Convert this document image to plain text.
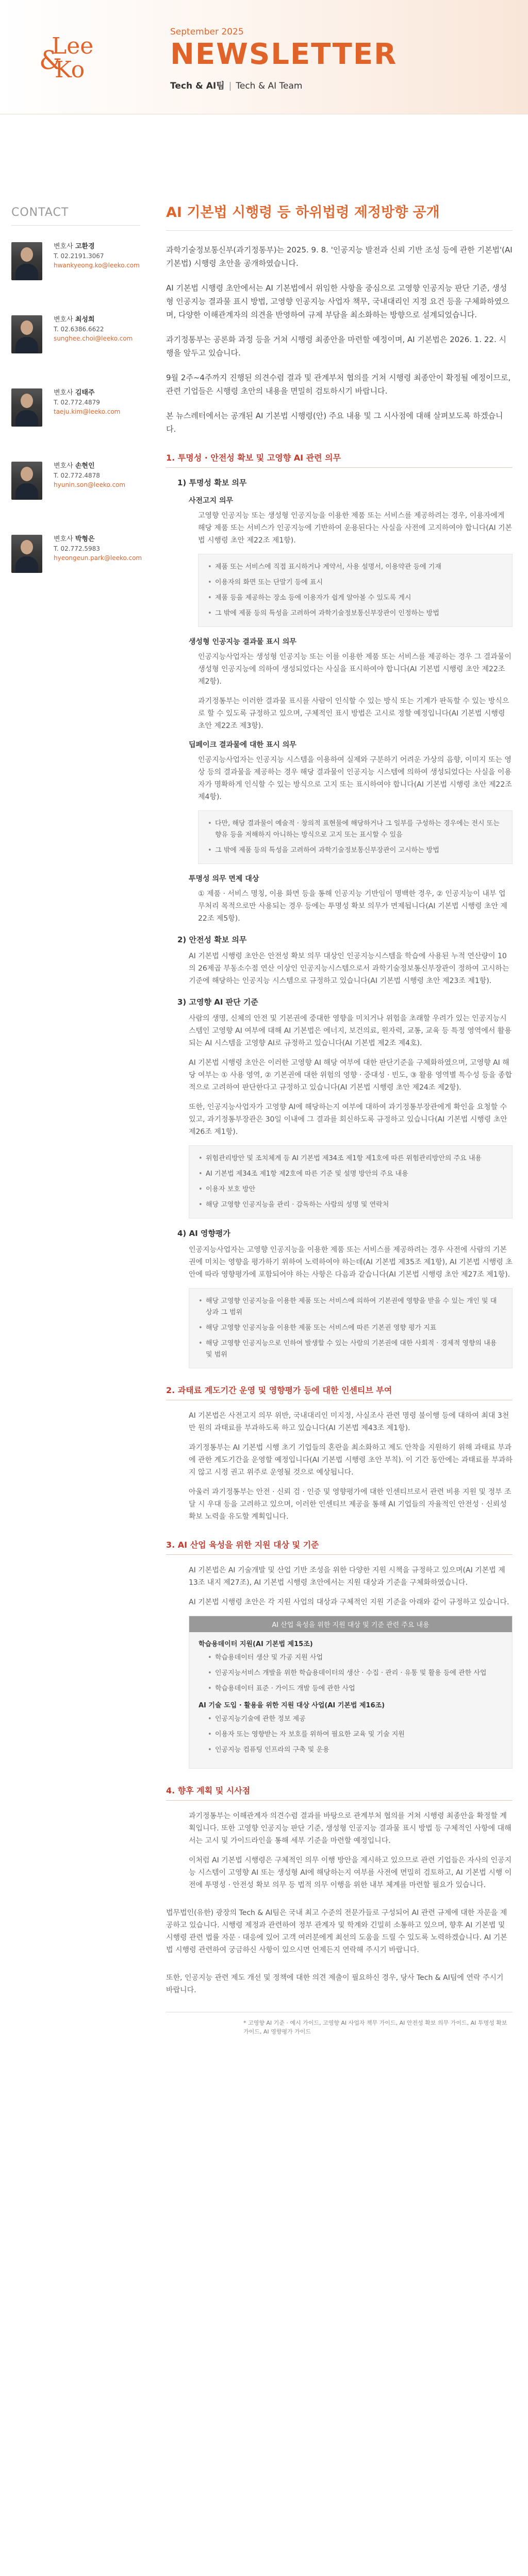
Lee
&
Ko
September 2025
NEWSLETTER
Tech & AI팀 | Tech & AI Team
CONTACT
변호사 고환경
T. 02.2191.3067
hwankyeong.ko@leeko.com
변호사 최성희
T. 02.6386.6622
sunghee.choi@leeko.com
변호사 김태주
T. 02.772.4879
taeju.kim@leeko.com
변호사 손현인
T. 02.772.4878
hyunin.son@leeko.com
변호사 박형은
T. 02.772.5983
hyeongeun.park@leeko.com
AI 기본법 시행령 등 하위법령 제정방향 공개

과학기술정보통신부(과기정통부)는 2025. 9. 8. '인공지능 발전과 신뢰 기반 조성 등에 관한 기본법'(AI 기본법) 시행령 초안을 공개하였습니다.

AI 기본법 시행령 초안에서는 AI 기본법에서 위임한 사항을 중심으로 고영향 인공지능 판단 기준, 생성형 인공지능 결과물 표시 방법, 고영향 인공지능 사업자 책무, 국내대리인 지정 요건 등을 구체화하였으며, 다양한 이해관계자의 의견을 반영하여 규제 부담을 최소화하는 방향으로 설계되었습니다.

과기정통부는 공론화 과정 등을 거쳐 시행령 최종안을 마련할 예정이며, AI 기본법은 2026. 1. 22. 시행을 앞두고 있습니다.

9월 2주~4주까지 진행된 의견수렴 결과 및 관계부처 협의를 거쳐 시행령 최종안이 확정될 예정이므로, 관련 기업들은 시행령 초안의 내용을 면밀히 검토하시기 바랍니다.

본 뉴스레터에서는 공개된 AI 기본법 시행령(안) 주요 내용 및 그 시사점에 대해 살펴보도록 하겠습니다.

1. 투명성 · 안전성 확보 및 고영향 AI 관련 의무
1) 투명성 확보 의무
사전고지 의무
고영향 인공지능 또는 생성형 인공지능을 이용한 제품 또는 서비스를 제공하려는 경우, 이용자에게 해당 제품 또는 서비스가 인공지능에 기반하여 운용된다는 사실을 사전에 고지하여야 합니다(AI 기본법 시행령 초안 제22조 제1항).
• 제품 또는 서비스에 직접 표시하거나 계약서, 사용 설명서, 이용약관 등에 기재
• 이용자의 화면 또는 단말기 등에 표시
• 제품 등을 제공하는 장소 등에 이용자가 쉽게 알아볼 수 있도록 게시
• 그 밖에 제품 등의 특성을 고려하여 과학기술정보통신부장관이 인정하는 방법
생성형 인공지능 결과물 표시 의무
인공지능사업자는 생성형 인공지능 또는 이를 이용한 제품 또는 서비스를 제공하는 경우 그 결과물이 생성형 인공지능에 의하여 생성되었다는 사실을 표시하여야 합니다(AI 기본법 시행령 초안 제22조 제2항).
과기정통부는 이러한 결과물 표시를 사람이 인식할 수 있는 방식 또는 기계가 판독할 수 있는 방식으로 할 수 있도록 규정하고 있으며, 구체적인 표시 방법은 고시로 정할 예정입니다(AI 기본법 시행령 초안 제22조 제3항).
딥페이크 결과물에 대한 표시 의무
인공지능사업자는 인공지능 시스템을 이용하여 실제와 구분하기 어려운 가상의 음향, 이미지 또는 영상 등의 결과물을 제공하는 경우 해당 결과물이 인공지능 시스템에 의하여 생성되었다는 사실을 이용자가 명확하게 인식할 수 있는 방식으로 고지 또는 표시하여야 합니다(AI 기본법 시행령 초안 제22조 제4항).
• 다만, 해당 결과물이 예술적 · 창의적 표현물에 해당하거나 그 일부를 구성하는 경우에는 전시 또는 향유 등을 저해하지 아니하는 방식으로 고지 또는 표시할 수 있음
• 그 밖에 제품 등의 특성을 고려하여 과학기술정보통신부장관이 고시하는 방법
투명성 의무 면제 대상
① 제품 · 서비스 명칭, 이용 화면 등을 통해 인공지능 기반임이 명백한 경우, ② 인공지능이 내부 업무처리 목적으로만 사용되는 경우 등에는 투명성 확보 의무가 면제됩니다(AI 기본법 시행령 초안 제22조 제5항).
2) 안전성 확보 의무
AI 기본법 시행령 초안은 안전성 확보 의무 대상인 인공지능시스템을 학습에 사용된 누적 연산량이 10의 26제곱 부동소수점 연산 이상인 인공지능시스템으로서 과학기술정보통신부장관이 정하여 고시하는 기준에 해당하는 인공지능 시스템으로 규정하고 있습니다(AI 기본법 시행령 초안 제23조 제1항).
3) 고영향 AI 판단 기준
사람의 생명, 신체의 안전 및 기본권에 중대한 영향을 미치거나 위험을 초래할 우려가 있는 인공지능시스템인 고영향 AI 여부에 대해 AI 기본법은 에너지, 보건의료, 원자력, 교통, 교육 등 특정 영역에서 활용되는 AI 시스템을 고영향 AI로 규정하고 있습니다(AI 기본법 제2조 제4호).
AI 기본법 시행령 초안은 이러한 고영향 AI 해당 여부에 대한 판단기준을 구체화하였으며, 고영향 AI 해당 여부는 ① 사용 영역, ② 기본권에 대한 위험의 영향 · 중대성 · 빈도, ③ 활용 영역별 특수성 등을 종합적으로 고려하여 판단한다고 규정하고 있습니다(AI 기본법 시행령 초안 제24조 제2항).
또한, 인공지능사업자가 고영향 AI에 해당하는지 여부에 대하여 과기정통부장관에게 확인을 요청할 수 있고, 과기정통부장관은 30일 이내에 그 결과를 회신하도록 규정하고 있습니다(AI 기본법 시행령 초안 제26조 제1항).
• 위험관리방안 및 조치체계 등 AI 기본법 제34조 제1항 제1호에 따른 위험관리방안의 주요 내용
• AI 기본법 제34조 제1항 제2호에 따른 기준 및 설명 방안의 주요 내용
• 이용자 보호 방안
• 해당 고영향 인공지능을 관리 · 감독하는 사람의 성명 및 연락처
4) AI 영향평가
인공지능사업자는 고영향 인공지능을 이용한 제품 또는 서비스를 제공하려는 경우 사전에 사람의 기본권에 미치는 영향을 평가하기 위하여 노력하여야 하는데(AI 기본법 제35조 제1항), AI 기본법 시행령 초안에 따라 영향평가에 포함되어야 하는 사항은 다음과 같습니다(AI 기본법 시행령 초안 제27조 제1항).
• 해당 고영향 인공지능을 이용한 제품 또는 서비스에 의하여 기본권에 영향을 받을 수 있는 개인 및 대상과 그 범위
• 해당 고영향 인공지능을 이용한 제품 또는 서비스에 따른 기본권 영향 평가 지표
• 해당 고영향 인공지능으로 인하여 발생할 수 있는 사람의 기본권에 대한 사회적 · 경제적 영향의 내용 및 범위
2. 과태료 계도기간 운영 및 영향평가 등에 대한 인센티브 부여
AI 기본법은 사전고지 의무 위반, 국내대리인 미지정, 사실조사 관련 명령 불이행 등에 대하여 최대 3천만 원의 과태료를 부과하도록 하고 있습니다(AI 기본법 제43조 제1항).
과기정통부는 AI 기본법 시행 초기 기업들의 혼란을 최소화하고 제도 안착을 지원하기 위해 과태료 부과에 관한 계도기간을 운영할 예정입니다(AI 기본법 시행령 초안 부칙). 이 기간 동안에는 과태료를 부과하지 않고 시정 권고 위주로 운영될 것으로 예상됩니다.
아울러 과기정통부는 안전 · 신뢰 검 · 인증 및 영향평가에 대한 인센티브로서 관련 비용 지원 및 정부 조달 시 우대 등을 고려하고 있으며, 이러한 인센티브 제공을 통해 AI 기업들의 자율적인 안전성 · 신뢰성 확보 노력을 유도할 계획입니다.
3. AI 산업 육성을 위한 지원 대상 및 기준
AI 기본법은 AI 기술개발 및 산업 기반 조성을 위한 다양한 지원 시책을 규정하고 있으며(AI 기본법 제13조 내지 제27조), AI 기본법 시행령 초안에서는 지원 대상과 기준을 구체화하였습니다.
AI 기본법 시행령 초안은 각 지원 사업의 대상과 구체적인 지원 기준을 아래와 같이 규정하고 있습니다.
AI 산업 육성을 위한 지원 대상 및 기준 관련 주요 내용
학습용데이터 지원(AI 기본법 제15조)
• 학습용데이터 생산 및 가공 지원 사업
• 인공지능서비스 개발을 위한 학습용데이터의 생산 · 수집 · 관리 · 유통 및 활용 등에 관한 사업
• 학습용데이터 표준 · 가이드 개발 등에 관한 사업
AI 기술 도입 · 활용을 위한 지원 대상 사업(AI 기본법 제16조)
• 인공지능기술에 관한 정보 제공
• 이용자 또는 영향받는 자 보호를 위하여 필요한 교육 및 기술 지원
• 인공지능 컴퓨팅 인프라의 구축 및 운용
4. 향후 계획 및 시사점
과기정통부는 이해관계자 의견수렴 결과를 바탕으로 관계부처 협의를 거쳐 시행령 최종안을 확정할 계획입니다. 또한 고영향 인공지능 판단 기준, 생성형 인공지능 결과물 표시 방법 등 구체적인 사항에 대해서는 고시 및 가이드라인을 통해 세부 기준을 마련할 예정입니다.
이처럼 AI 기본법 시행령은 구체적인 의무 이행 방안을 제시하고 있으므로 관련 기업들은 자사의 인공지능 시스템이 고영향 AI 또는 생성형 AI에 해당하는지 여부를 사전에 면밀히 검토하고, AI 기본법 시행 이전에 투명성 · 안전성 확보 의무 등 법적 의무 이행을 위한 내부 체계를 마련할 필요가 있습니다.
법무법인(유한) 광장의 Tech & AI팀은 국내 최고 수준의 전문가들로 구성되어 AI 관련 규제에 대한 자문을 제공하고 있습니다. 시행령 제정과 관련하여 정부 관계자 및 학계와 긴밀히 소통하고 있으며, 향후 AI 기본법 및 시행령 관련 법률 자문 · 대응에 있어 고객 여러분에게 최선의 도움을 드릴 수 있도록 노력하겠습니다. AI 기본법 시행령 관련하여 궁금하신 사항이 있으시면 언제든지 연락해 주시기 바랍니다.
또한, 인공지능 관련 제도 개선 및 정책에 대한 의견 제출이 필요하신 경우, 당사 Tech & AI팀에 연락 주시기 바랍니다.
* 고영향 AI 기준 · 예시 가이드, 고영향 AI 사업자 책무 가이드, AI 안전성 확보 의무 가이드, AI 투명성 확보 가이드, AI 영향평가 가이드
